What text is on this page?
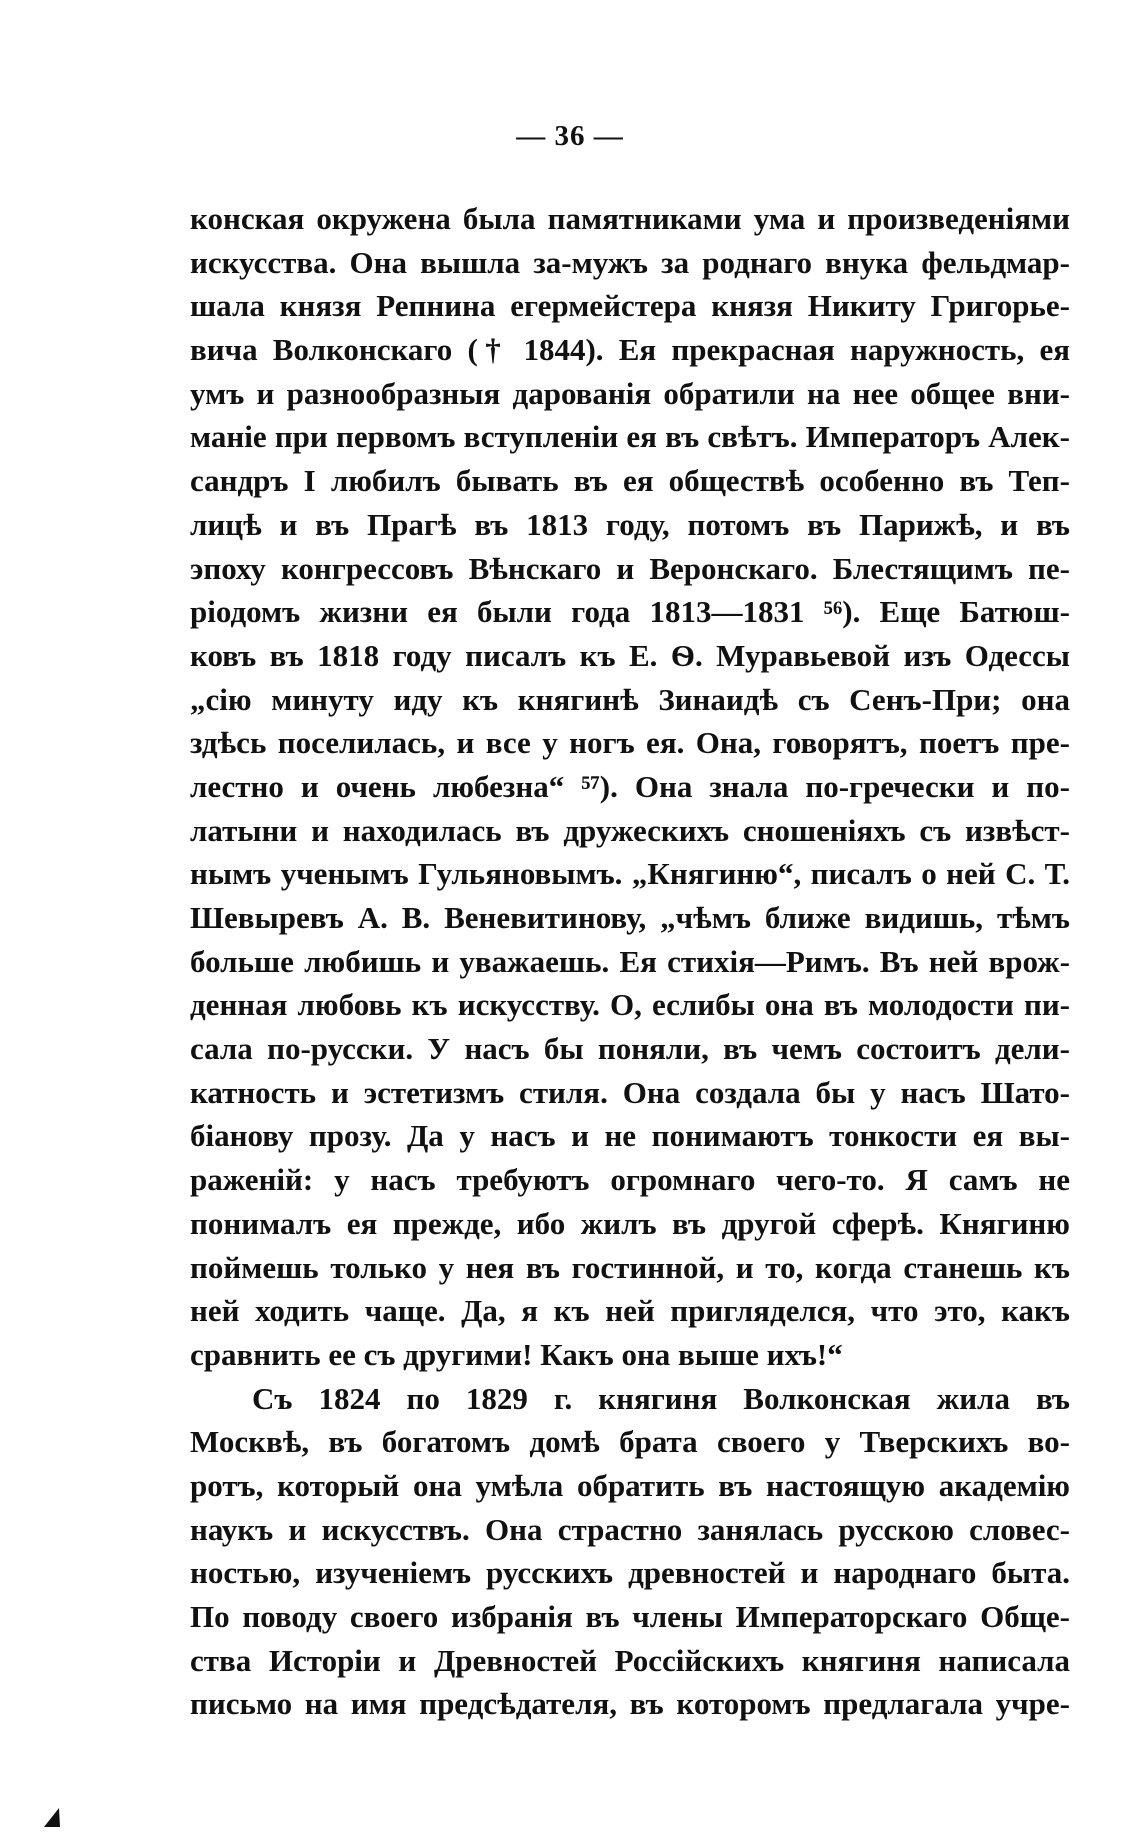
— 36 —

конская окружена была памятниками ума и произведеніями
искусства. Она вышла за-мужъ за роднаго внука фельдмар-
шала князя Репнина егермейстера князя Никиту Григорье-
вича Волконскаго († 1844). Ея прекрасная наружность, ея
умъ и разнообразныя дарованія обратили на нее общее вни-
маніе при первомъ вступленіи ея въ свѣтъ. Императоръ Алек-
сандръ I любилъ бывать въ ея обществѣ особенно въ Теп-
лицѣ и въ Прагѣ въ 1813 году, потомъ въ Парижѣ, и въ
эпоху конгрессовъ Вѣнскаго и Веронскаго. Блестящимъ пе-
ріодомъ жизни ея были года 1813—1831 ⁵⁶). Еще Батюш-
ковъ въ 1818 году писалъ къ Е. Ѳ. Муравьевой изъ Одессы
„сію минуту иду къ княгинѣ Зинаидѣ съ Сенъ-При; она
здѣсь поселилась, и все у ногъ ея. Она, говорятъ, поетъ пре-
лестно и очень любезна“ ⁵⁷). Она знала по-гречески и по-
латыни и находилась въ дружескихъ сношеніяхъ съ извѣст-
нымъ ученымъ Гульяновымъ. „Княгиню“, писалъ о ней С. Т.
Шевыревъ А. В. Веневитинову, „чѣмъ ближе видишь, тѣмъ
больше любишь и уважаешь. Ея стихія—Римъ. Въ ней врож-
денная любовь къ искусству. О, еслибы она въ молодости пи-
сала по-русски. У насъ бы поняли, въ чемъ состоитъ дели-
катность и эстетизмъ стиля. Она создала бы у насъ Шато-
біанову прозу. Да у насъ и не понимаютъ тонкости ея вы-
раженій: у насъ требуютъ огромнаго чего-то. Я самъ не
понималъ ея прежде, ибо жилъ въ другой сферѣ. Княгиню
поймешь только у нея въ гостинной, и то, когда станешь къ
ней ходить чаще. Да, я къ ней пригляделся, что это, какъ
сравнить ее съ другими! Какъ она выше ихъ!“
Съ 1824 по 1829 г. княгиня Волконская жила въ
Москвѣ, въ богатомъ домѣ брата своего у Тверскихъ во-
ротъ, который она умѣла обратить въ настоящую академію
наукъ и искусствъ. Она страстно занялась русскою словес-
ностью, изученіемъ русскихъ древностей и народнаго быта.
По поводу своего избранія въ члены Императорскаго Обще-
ства Исторіи и Древностей Россійскихъ княгиня написала
письмо на имя предсѣдателя, въ которомъ предлагала учре-
